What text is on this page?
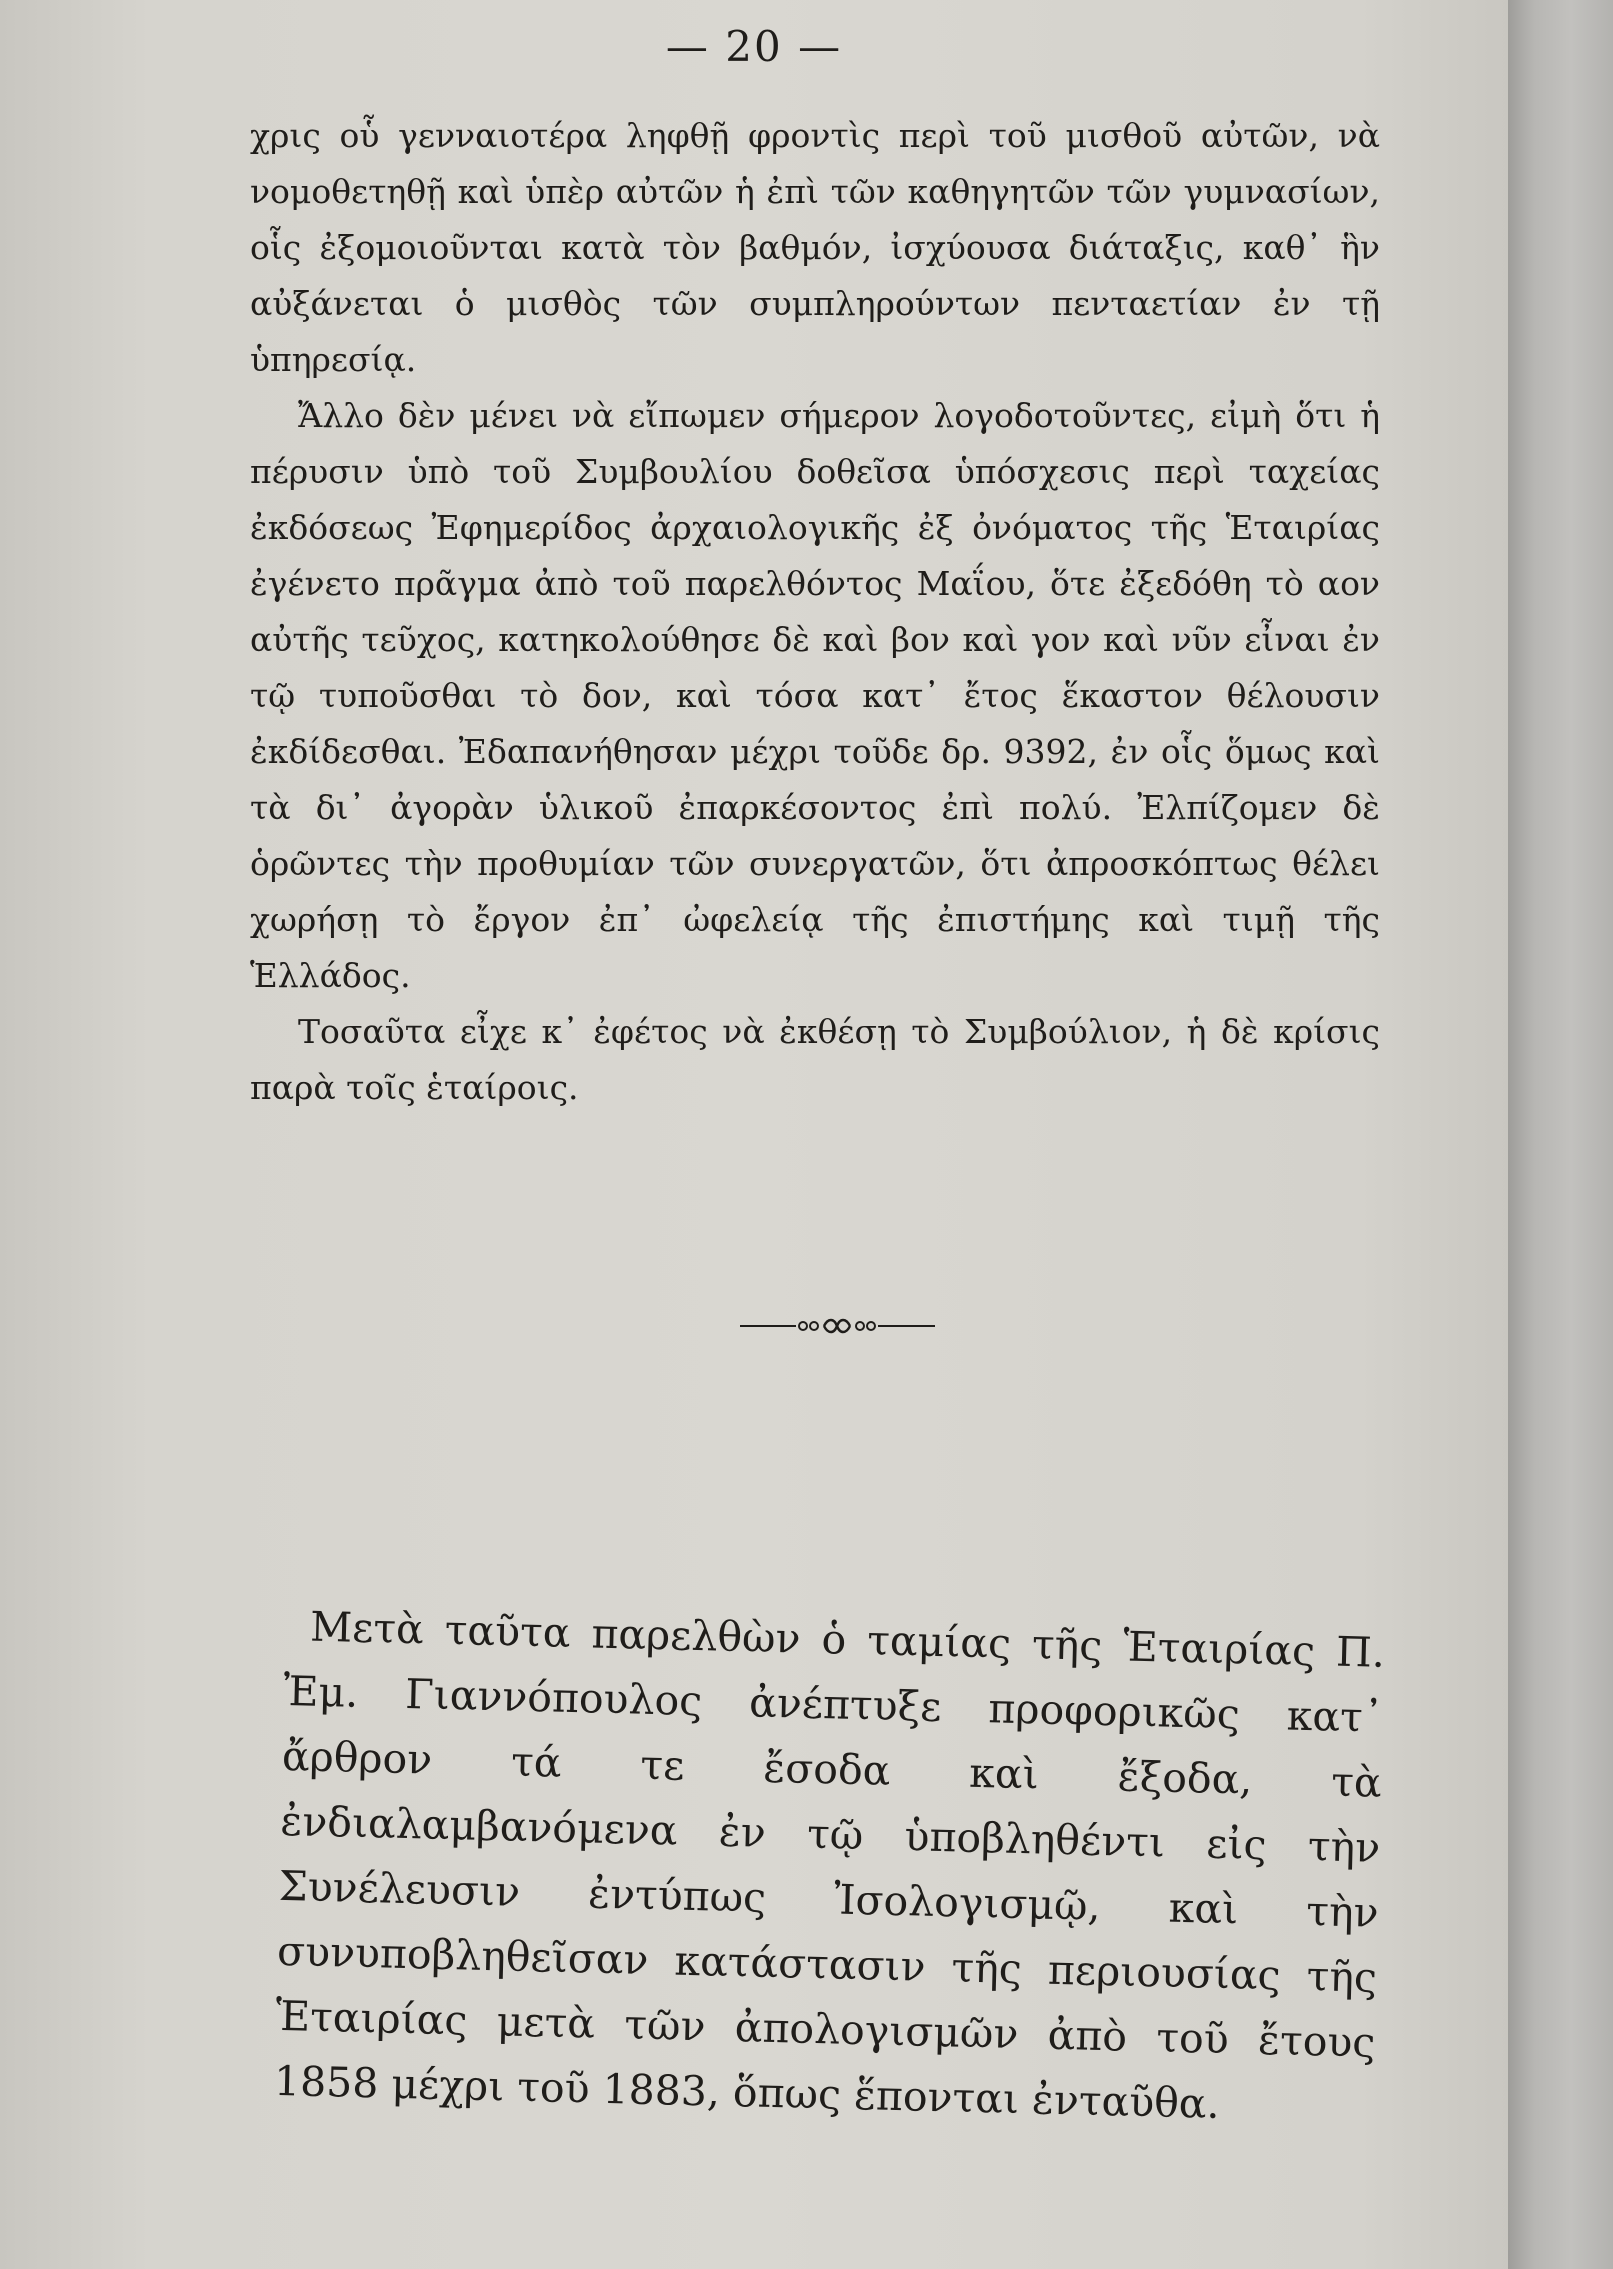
— 20 —

χρις οὗ γενναιοτέρα ληφθῇ φροντὶς περὶ τοῦ μισθοῦ αὐτῶν, νὰ νομοθετηθῇ καὶ ὑπὲρ αὐτῶν ἡ ἐπὶ τῶν καθηγητῶν τῶν γυμνασίων, οἷς ἐξομοιοῦνται κατὰ τὸν βαθμόν, ἰσχύουσα διάταξις, καθ᾽ ἣν αὐξάνεται ὁ μισθὸς τῶν συμπληρούντων πενταετίαν ἐν τῇ ὑπηρεσίᾳ.

Ἄλλο δὲν μένει νὰ εἴπωμεν σήμερον λογοδοτοῦντες, εἰμὴ ὅτι ἡ πέρυσιν ὑπὸ τοῦ Συμβουλίου δοθεῖσα ὑπόσχεσις περὶ ταχείας ἐκδόσεως Ἐφημερίδος ἀρχαιολογικῆς ἐξ ὀνόματος τῆς Ἑταιρίας ἐγένετο πρᾶγμα ἀπὸ τοῦ παρελθόντος Μαΐου, ὅτε ἐξεδόθη τὸ αον αὐτῆς τεῦχος, κατηκολούθησε δὲ καὶ βον καὶ γον καὶ νῦν εἶναι ἐν τῷ τυποῦσθαι τὸ δον, καὶ τόσα κατ᾽ ἔτος ἕκαστον θέλουσιν ἐκδίδεσθαι. Ἐδαπανήθησαν μέχρι τοῦδε δρ. 9392, ἐν οἷς ὅμως καὶ τὰ δι᾽ ἀγορὰν ὑλικοῦ ἐπαρκέσοντος ἐπὶ πολύ. Ἐλπίζομεν δὲ ὁρῶντες τὴν προθυμίαν τῶν συνεργατῶν, ὅτι ἀπροσκόπτως θέλει χωρήσῃ τὸ ἔργον ἐπ᾽ ὠφελείᾳ τῆς ἐπιστήμης καὶ τιμῇ τῆς Ἑλλάδος.

Τοσαῦτα εἶχε κ᾽ ἐφέτος νὰ ἐκθέσῃ τὸ Συμβούλιον, ἡ δὲ κρίσις παρὰ τοῖς ἑταίροις.

Μετὰ ταῦτα παρελθὼν ὁ ταμίας τῆς Ἑταιρίας Π. Ἐμ. Γιαννόπουλος ἀνέπτυξε προφορικῶς κατ᾽ ἄρθρον τά τε ἔσοδα καὶ ἔξοδα, τὰ ἐνδιαλαμβανόμενα ἐν τῷ ὑποβληθέντι εἰς τὴν Συνέλευσιν ἐντύπως Ἰσολογισμῷ, καὶ τὴν συνυποβληθεῖσαν κατάστασιν τῆς περιουσίας τῆς Ἑταιρίας μετὰ τῶν ἀπολογισμῶν ἀπὸ τοῦ ἔτους 1858 μέχρι τοῦ 1883, ὅπως ἕπονται ἐνταῦθα.
